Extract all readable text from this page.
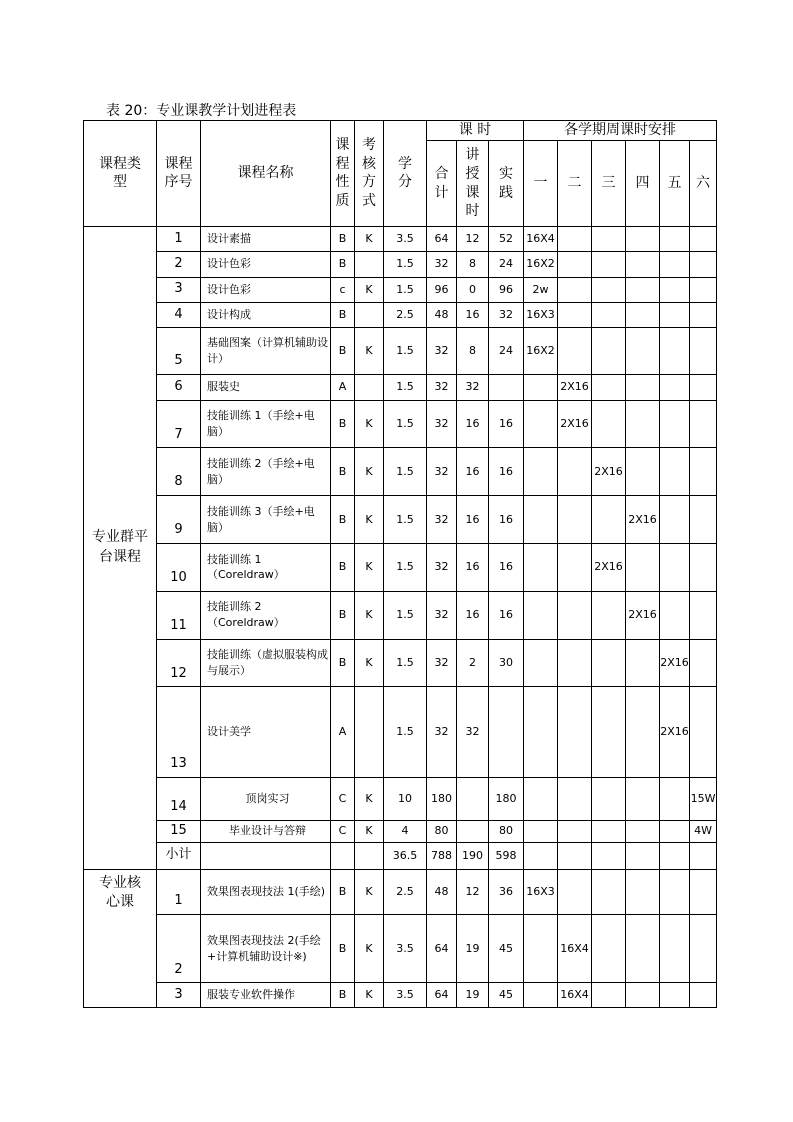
表 20：专业课教学计划进程表
课程类型	课程序号	课程名称	课程性质	考核方式	学分	课 时			各学期周课时安排					
						合计	讲授课时	实践	一	二	三	四	五	六
专业群平台课程	1	设计素描	B	K	3.5	64	12	52	16X4					
	2	设计色彩	B		1.5	32	8	24	16X2					
	3	设计色彩	c	K	1.5	96	0	96	2w					
	4	设计构成	B		2.5	48	16	32	16X3					
	5	基础图案（计算机辅助设计）	B	K	1.5	32	8	24	16X2					
	6	服装史	A		1.5	32	32			2X16				
	7	技能训练 1（手绘+电脑）	B	K	1.5	32	16	16		2X16				
	8	技能训练 2（手绘+电脑）	B	K	1.5	32	16	16			2X16			
	9	技能训练 3（手绘+电脑）	B	K	1.5	32	16	16				2X16		
	10	技能训练 1（Coreldraw）	B	K	1.5	32	16	16			2X16			
	11	技能训练 2（Coreldraw）	B	K	1.5	32	16	16				2X16		
	12	技能训练（虚拟服装构成与展示）	B	K	1.5	32	2	30					2X16	
	13	设计美学	A		1.5	32	32						2X16	
	14	顶岗实习	C	K	10	180		180						15W
	15	毕业设计与答辩	C	K	4	80		80						4W
	小计				36.5	788	190	598						
专业核心课	1	效果图表现技法 1(手绘)	B	K	2.5	48	12	36	16X3					
	2	效果图表现技法 2(手绘+计算机辅助设计※)	B	K	3.5	64	19	45		16X4				
	3	服装专业软件操作	B	K	3.5	64	19	45		16X4				
